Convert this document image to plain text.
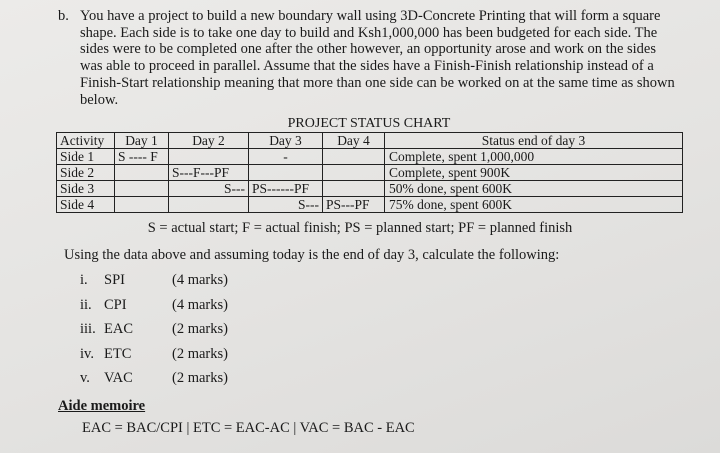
b. You have a project to build a new boundary wall using 3D-Concrete Printing that will form a square

shape. Each side is to take one day to build and Ksh1,000,000 has been budgeted for each side. The

sides were to be completed one after the other however, an opportunity arose and work on the sides

was able to proceed in parallel. Assume that the sides have a Finish-Finish relationship instead of a

Finish-Start relationship meaning that more than one side can be worked on at the same time as shown

below.

PROJECT STATUS CHART
Activity	Day 1	Day 2	Day 3	Day 4	Status end of day 3
Side 1	S ---- F		-		Complete, spent 1,000,000
Side 2		S---F---PF			Complete, spent 900K
Side 3		S---	PS------PF		50% done, spent 600K
Side 4			S---	PS---PF	75% done, spent 600K
S = actual start; F = actual finish; PS = planned start; PF = planned finish
Using the data above and assuming today is the end of day 3, calculate the following:
i.	SPI	(4 marks)
ii. CPI	(4 marks)
iii. EAC	(2 marks)
iv. ETC	(2 marks)
v. VAC	(2 marks)
Aide memoire
EAC = BAC/CPI | ETC = EAC-AC | VAC = BAC - EAC
